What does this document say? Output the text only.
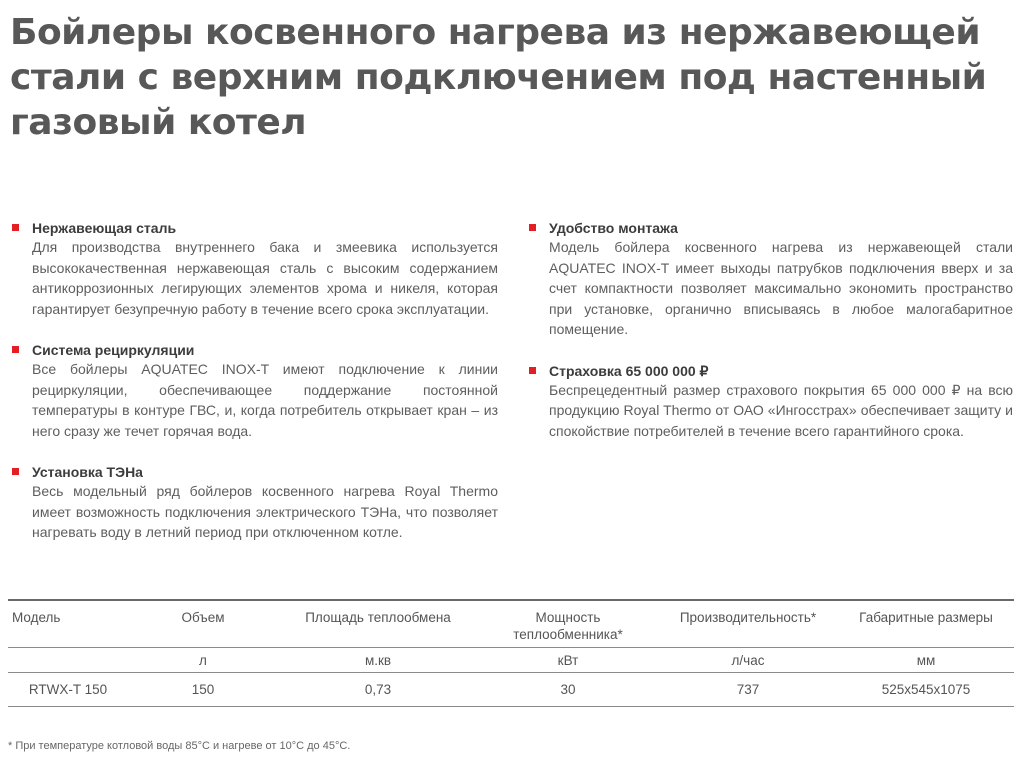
Бойлеры косвенного нагрева из нержавеющей стали с верхним подключением под настенный газовый котел
Нержавеющая сталь
Для производства внутреннего бака и змеевика используется высококачественная нержавеющая сталь с высоким содержанием антикоррозионных легирующих элементов хрома и никеля, которая гарантирует безупречную работу в течение всего срока эксплуатации.
Система рециркуляции
Все бойлеры AQUATEC INOX-T имеют подключение к линии рециркуляции, обеспечивающее поддержание постоянной температуры в контуре ГВС, и, когда потребитель открывает кран – из него сразу же течет горячая вода.
Установка ТЭНа
Весь модельный ряд бойлеров косвенного нагрева Royal Thermo имеет возможность подключения электрического ТЭНа, что позволяет нагревать воду в летний период при отключенном котле.
Удобство монтажа
Модель бойлера косвенного нагрева из нержавеющей стали AQUATEC INOX-T имеет выходы патрубков подключения вверх и за счет компактности позволяет максимально экономить пространство при установке, органично вписываясь в любое малогабаритное помещение.
Страховка 65 000 000 ₽
Беспрецедентный размер страхового покрытия 65 000 000 ₽ на всю продукцию Royal Thermo от ОАО «Ингосстрах» обеспечивает защиту и спокойствие потребителей в течение всего гарантийного срока.
Модель	Объем	Площадь теплообмена	Мощность теплообменника*	Производительность*	Габаритные размеры
	л	м.кв	кВт	л/час	мм
RTWX-T 150	150	0,73	30	737	525x545x1075
* При температуре котловой воды 85°C и нагреве от 10°C до 45°C.
